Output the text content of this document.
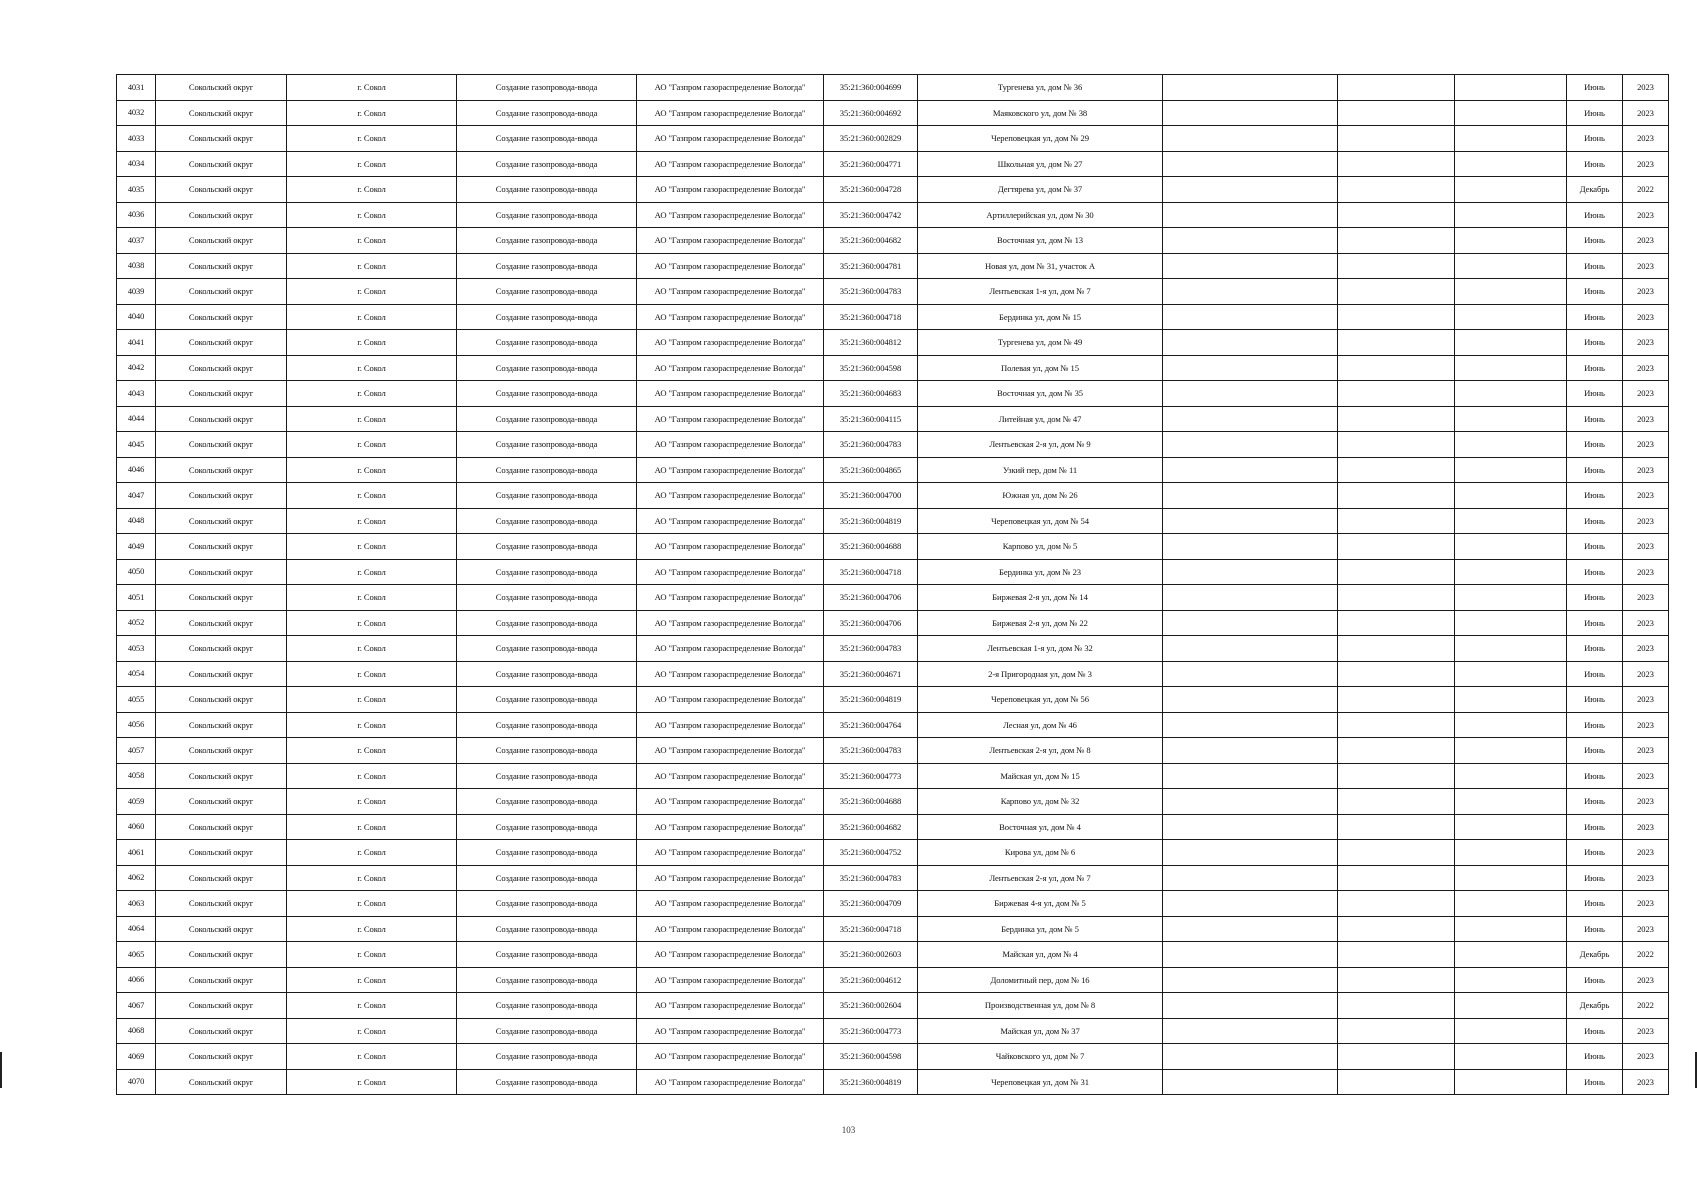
4031	Сокольский округ	г. Сокол	Создание газопровода-ввода	АО "Газпром газораспределение Вологда"	35:21:360:004699	Тургенева ул, дом № 36				Июнь	2023
4032	Сокольский округ	г. Сокол	Создание газопровода-ввода	АО "Газпром газораспределение Вологда"	35:21:360:004692	Маяковского ул, дом № 38				Июнь	2023
4033	Сокольский округ	г. Сокол	Создание газопровода-ввода	АО "Газпром газораспределение Вологда"	35:21:360:002829	Череповецкая ул, дом № 29				Июнь	2023
4034	Сокольский округ	г. Сокол	Создание газопровода-ввода	АО "Газпром газораспределение Вологда"	35:21:360:004771	Школьная ул, дом № 27				Июнь	2023
4035	Сокольский округ	г. Сокол	Создание газопровода-ввода	АО "Газпром газораспределение Вологда"	35:21:360:004728	Дегтярева ул, дом № 37				Декабрь	2022
4036	Сокольский округ	г. Сокол	Создание газопровода-ввода	АО "Газпром газораспределение Вологда"	35:21:360:004742	Артиллерийская ул, дом № 30				Июнь	2023
4037	Сокольский округ	г. Сокол	Создание газопровода-ввода	АО "Газпром газораспределение Вологда"	35:21:360:004682	Восточная ул, дом № 13				Июнь	2023
4038	Сокольский округ	г. Сокол	Создание газопровода-ввода	АО "Газпром газораспределение Вологда"	35:21:360:004781	Новая ул, дом № 31, участок А				Июнь	2023
4039	Сокольский округ	г. Сокол	Создание газопровода-ввода	АО "Газпром газораспределение Вологда"	35:21:360:004783	Лентьевская 1-я ул, дом № 7				Июнь	2023
4040	Сокольский округ	г. Сокол	Создание газопровода-ввода	АО "Газпром газораспределение Вологда"	35:21:360:004718	Бердинка ул, дом № 15				Июнь	2023
4041	Сокольский округ	г. Сокол	Создание газопровода-ввода	АО "Газпром газораспределение Вологда"	35:21:360:004812	Тургенева ул, дом № 49				Июнь	2023
4042	Сокольский округ	г. Сокол	Создание газопровода-ввода	АО "Газпром газораспределение Вологда"	35:21:360:004598	Полевая ул, дом № 15				Июнь	2023
4043	Сокольский округ	г. Сокол	Создание газопровода-ввода	АО "Газпром газораспределение Вологда"	35:21:360:004683	Восточная ул, дом № 35				Июнь	2023
4044	Сокольский округ	г. Сокол	Создание газопровода-ввода	АО "Газпром газораспределение Вологда"	35:21:360:004115	Литейная ул, дом № 47				Июнь	2023
4045	Сокольский округ	г. Сокол	Создание газопровода-ввода	АО "Газпром газораспределение Вологда"	35:21:360:004783	Лентьевская 2-я ул, дом № 9				Июнь	2023
4046	Сокольский округ	г. Сокол	Создание газопровода-ввода	АО "Газпром газораспределение Вологда"	35:21:360:004865	Узкий пер, дом № 11				Июнь	2023
4047	Сокольский округ	г. Сокол	Создание газопровода-ввода	АО "Газпром газораспределение Вологда"	35:21:360:004700	Южная ул, дом № 26				Июнь	2023
4048	Сокольский округ	г. Сокол	Создание газопровода-ввода	АО "Газпром газораспределение Вологда"	35:21:360:004819	Череповецкая ул, дом № 54				Июнь	2023
4049	Сокольский округ	г. Сокол	Создание газопровода-ввода	АО "Газпром газораспределение Вологда"	35:21:360:004688	Карпово ул, дом № 5				Июнь	2023
4050	Сокольский округ	г. Сокол	Создание газопровода-ввода	АО "Газпром газораспределение Вологда"	35:21:360:004718	Бердинка ул, дом № 23				Июнь	2023
4051	Сокольский округ	г. Сокол	Создание газопровода-ввода	АО "Газпром газораспределение Вологда"	35:21:360:004706	Биржевая 2-я ул, дом № 14				Июнь	2023
4052	Сокольский округ	г. Сокол	Создание газопровода-ввода	АО "Газпром газораспределение Вологда"	35:21:360:004706	Биржевая 2-я ул, дом № 22				Июнь	2023
4053	Сокольский округ	г. Сокол	Создание газопровода-ввода	АО "Газпром газораспределение Вологда"	35:21:360:004783	Лентьевская 1-я ул, дом № 32				Июнь	2023
4054	Сокольский округ	г. Сокол	Создание газопровода-ввода	АО "Газпром газораспределение Вологда"	35:21:360:004671	2-я Пригородная ул, дом № 3				Июнь	2023
4055	Сокольский округ	г. Сокол	Создание газопровода-ввода	АО "Газпром газораспределение Вологда"	35:21:360:004819	Череповецкая ул, дом № 56				Июнь	2023
4056	Сокольский округ	г. Сокол	Создание газопровода-ввода	АО "Газпром газораспределение Вологда"	35:21:360:004764	Лесная ул, дом № 46				Июнь	2023
4057	Сокольский округ	г. Сокол	Создание газопровода-ввода	АО "Газпром газораспределение Вологда"	35:21:360:004783	Лентьевская 2-я ул, дом № 8				Июнь	2023
4058	Сокольский округ	г. Сокол	Создание газопровода-ввода	АО "Газпром газораспределение Вологда"	35:21:360:004773	Майская ул, дом № 15				Июнь	2023
4059	Сокольский округ	г. Сокол	Создание газопровода-ввода	АО "Газпром газораспределение Вологда"	35:21:360:004688	Карпово ул, дом № 32				Июнь	2023
4060	Сокольский округ	г. Сокол	Создание газопровода-ввода	АО "Газпром газораспределение Вологда"	35:21:360:004682	Восточная ул, дом № 4				Июнь	2023
4061	Сокольский округ	г. Сокол	Создание газопровода-ввода	АО "Газпром газораспределение Вологда"	35:21:360:004752	Кирова ул, дом № 6				Июнь	2023
4062	Сокольский округ	г. Сокол	Создание газопровода-ввода	АО "Газпром газораспределение Вологда"	35:21:360:004783	Лентьевская 2-я ул, дом № 7				Июнь	2023
4063	Сокольский округ	г. Сокол	Создание газопровода-ввода	АО "Газпром газораспределение Вологда"	35:21:360:004709	Биржевая 4-я ул, дом № 5				Июнь	2023
4064	Сокольский округ	г. Сокол	Создание газопровода-ввода	АО "Газпром газораспределение Вологда"	35:21:360:004718	Бердинка ул, дом № 5				Июнь	2023
4065	Сокольский округ	г. Сокол	Создание газопровода-ввода	АО "Газпром газораспределение Вологда"	35:21:360:002603	Майская ул, дом № 4				Декабрь	2022
4066	Сокольский округ	г. Сокол	Создание газопровода-ввода	АО "Газпром газораспределение Вологда"	35:21:360:004612	Доломитный пер, дом № 16				Июнь	2023
4067	Сокольский округ	г. Сокол	Создание газопровода-ввода	АО "Газпром газораспределение Вологда"	35:21:360:002604	Производственная ул, дом № 8				Декабрь	2022
4068	Сокольский округ	г. Сокол	Создание газопровода-ввода	АО "Газпром газораспределение Вологда"	35:21:360:004773	Майская ул, дом № 37				Июнь	2023
4069	Сокольский округ	г. Сокол	Создание газопровода-ввода	АО "Газпром газораспределение Вологда"	35:21:360:004598	Чайковского ул, дом № 7				Июнь	2023
4070	Сокольский округ	г. Сокол	Создание газопровода-ввода	АО "Газпром газораспределение Вологда"	35:21:360:004819	Череповецкая ул, дом № 31				Июнь	2023
103
